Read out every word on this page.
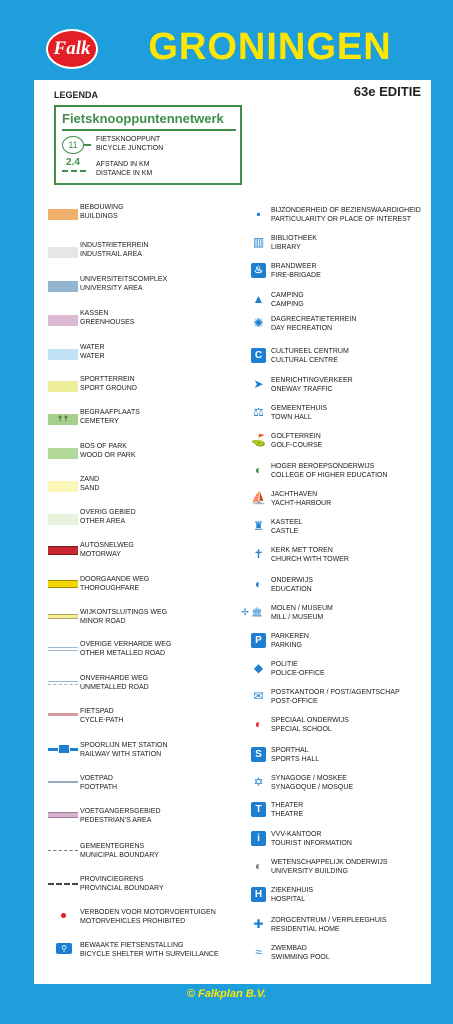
Falk	GRONINGEN
LEGENDA	63e EDITIE
Fietsknooppuntennetwerk
11
FIETSKNOOPPUNT
BICYCLE JUNCTION
2.4 AFSTAND IN KM
DISTANCE IN KM
BEBOUWING
BUILDINGS
INDUSTRIETERREIN
INDUSTRAIL AREA
UNIVERSITEITSCOMPLEX
UNIVERSITY AREA
KASSEN
GREENHOUSES
WATER
WATER
SPORTTERREIN
SPORT GROUND
† †
BEGRAAFPLAATS
CEMETERY
BOS OF PARK
WOOD OR PARK
ZAND
SAND
OVERIG GEBIED
OTHER AREA
AUTOSNELWEG
MOTORWAY
DOORGAANDE WEG
THOROUGHFARE
WIJKONTSLUITINGS WEG
MINOR ROAD
OVERIGE VERHARDE WEG
OTHER METALLED ROAD
ONVERHARDE WEG
UNMETALLED ROAD
FIETSPAD
CYCLE-PATH
SPOORLIJN MET STATION
RAILWAY WITH STATION
VOETPAD
FOOTPATH
VOETGANGERSGEBIED
PEDESTRIAN'S AREA
GEMEENTEGRENS
MUNICIPAL BOUNDARY
PROVINCIEGRENS
PROVINCIAL BOUNDARY
VERBODEN VOOR MOTORVOERTUIGEN
MOTORVEHICLES PROHIBITED
⚲	BEWAAKTE FIETSENSTALLING
BICYCLE SHELTER WITH SURVEILLANCE
▪	BIJZONDERHEID OF BEZIENSWAARDIGHEID
PARTICULARITY OR PLACE OF INTEREST
▥ BIBLIOTHEEK
LIBRARY
♨	BRANDWEER
FIRE-BRIGADE
▲ CAMPING
CAMPING
✺	DAGRECREATIETERREIN
DAY RECREATION
C	CULTUREEL CENTRUM
CULTURAL CENTRE
➤	EENRICHTINGVERKEER
ONEWAY TRAFFIC
⚖	GEMEENTEHUIS
TOWN HALL
⛳ GOLFTERREIN
GOLF-COURSE
◐	HOGER BEROEPSONDERWIJS
COLLEGE OF HIGHER EDUCATION
⛵ JACHTHAVEN
YACHT-HARBOUR
♜	KASTEEL
CASTLE
✝	KERK MET TOREN
CHURCH WITH TOWER
◐	ONDERWIJS
EDUCATION
✢ 🏛	MOLEN / MUSEUM
MILL / MUSEUM
P	PARKEREN
PARKING
◆	POLITIE
POLICE-OFFICE
✉	POSTKANTOOR / POST/AGENTSCHAP
POST-OFFICE
◐	SPECIAAL ONDERWIJS
SPECIAL SCHOOL
S	SPORTHAL
SPORTS HALL
✡	SYNAGOGE / MOSKEE
SYNAGOQUE / MOSQUE
T	THEATER
THEATRE
i	VVV-KANTOOR
TOURIST INFORMATION
◐	WETENSCHAPPELIJK ONDERWIJS
UNIVERSITY BUILDING
H	ZIEKENHUIS
HOSPITAL
✚	ZORGCENTRUM / VERPLEEGHUIS
RESIDENTIAL HOME
≈	ZWEMBAD
SWIMMING POOL
© Falkplan B.V.
